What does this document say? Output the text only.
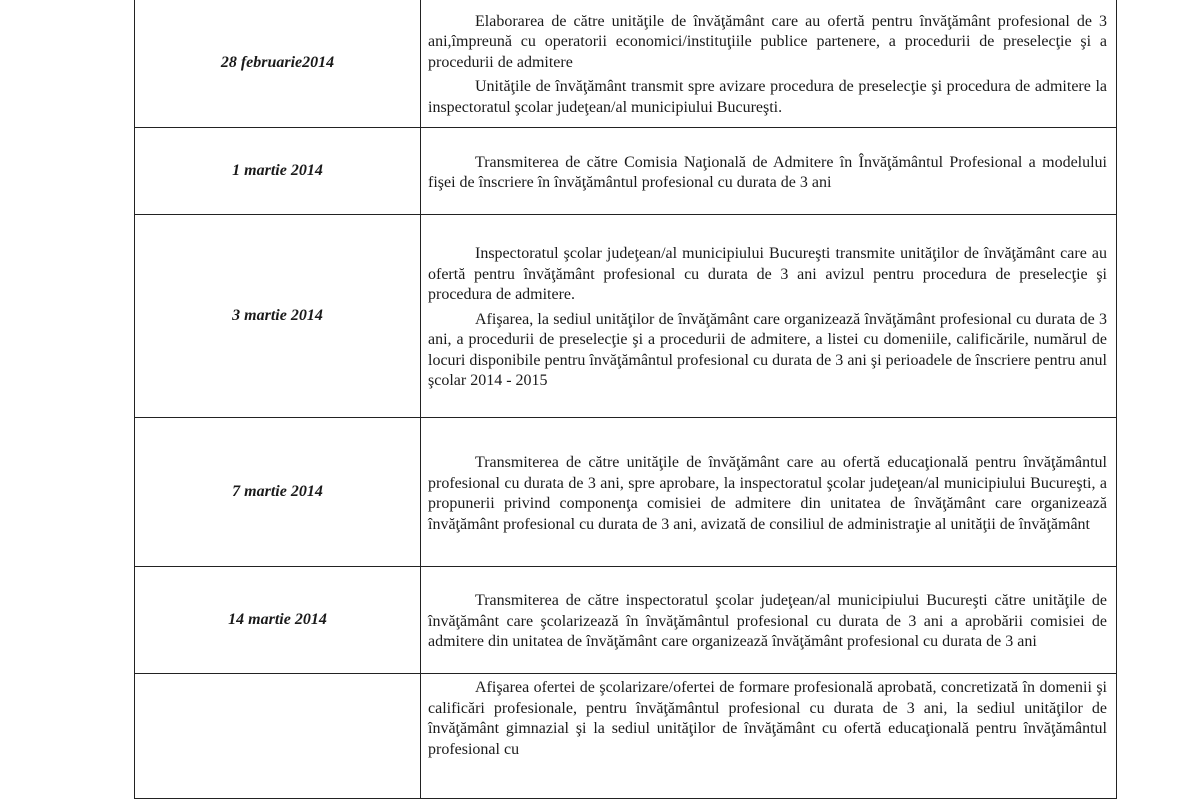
28 februarie2014	Elaborarea de către unităţile de învăţământ care au ofertă pentru învăţământ profesional de 3 ani,împreună cu operatorii economici/instituţiile publice partenere, a procedurii de preselecţie şi a procedurii de admitere

Unităţile de învăţământ transmit spre avizare procedura de preselecţie şi procedura de admitere la inspectoratul şcolar judeţean/al municipiului Bucureşti.

1 martie 2014	Transmiterea de către Comisia Naţională de Admitere în Învăţământul Profesional a modelului fişei de înscriere în învăţământul profesional cu durata de 3 ani

3 martie 2014	Inspectoratul şcolar judeţean/al municipiului Bucureşti transmite unităţilor de învăţământ care au ofertă pentru învăţământ profesional cu durata de 3 ani avizul pentru procedura de preselecţie şi procedura de admitere.

Afişarea, la sediul unităţilor de învăţământ care organizează învăţământ profesional cu durata de 3 ani, a procedurii de preselecţie şi a procedurii de admitere, a listei cu domeniile, calificările, numărul de locuri disponibile pentru învăţământul profesional cu durata de 3 ani şi perioadele de înscriere pentru anul şcolar 2014 - 2015

7 martie 2014	Transmiterea de către unităţile de învăţământ care au ofertă educaţională pentru învăţământul profesional cu durata de 3 ani, spre aprobare, la inspectoratul şcolar judeţean/al municipiului Bucureşti, a propunerii privind componenţa comisiei de admitere din unitatea de învăţământ care organizează învăţământ profesional cu durata de 3 ani, avizată de consiliul de administraţie al unităţii de învăţământ

14 martie 2014	Transmiterea de către inspectoratul şcolar judeţean/al municipiului Bucureşti către unităţile de învăţământ care şcolarizează în învăţământul profesional cu durata de 3 ani a aprobării comisiei de admitere din unitatea de învăţământ care organizează învăţământ profesional cu durata de 3 ani

	Afişarea ofertei de şcolarizare/ofertei de formare profesională aprobată, concretizată în domenii şi calificări profesionale, pentru învăţământul profesional cu durata de 3 ani, la sediul unităţilor de învăţământ gimnazial şi la sediul unităţilor de învăţământ cu ofertă educaţională pentru învăţământul profesional cu
